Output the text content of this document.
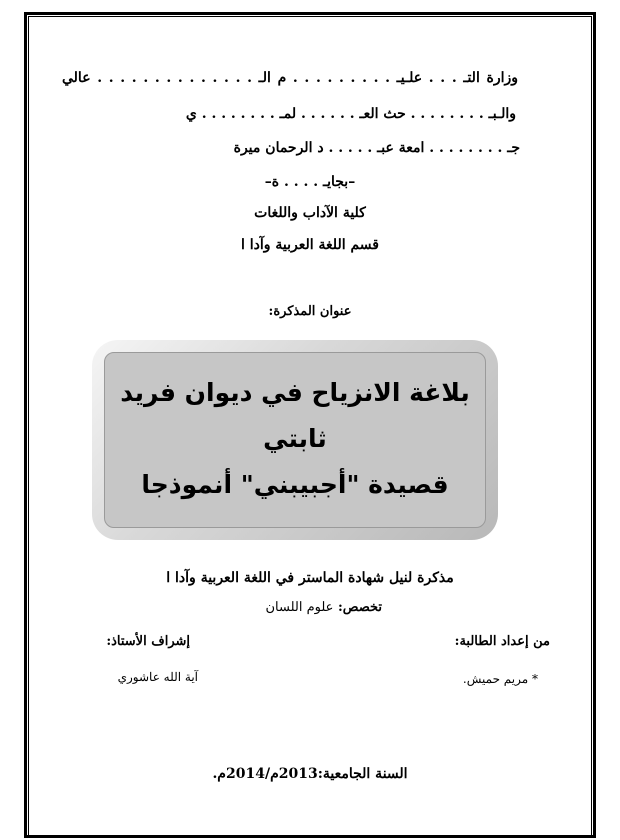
وزارة التـ . . . علـيـ . . . . . . . . . م الـ . . . . . . . . . . . . . . عالي
والـبـ . . . . . . . . حث العـ . . . . . . لمـ . . . . . . . . ي
جـ . . . . . . . . امعة عبـ . . . . . د الرحمان ميرة
–بجايـ . . . . ة–
كلية الآداب واللغات
قسم اللغة العربية وآدا ا
عنوان المذكرة:
بلاغة الانزياح في ديوان فريد ثابتي
قصيدة "أجبيبني" أنموذجا
مذكرة لنيل شهادة الماستر في اللغة العربية وآدا ا
تخصص: علوم اللسان
من إعداد الطالبة:
إشراف الأستاذ:
* مريم حميش.
آية الله عاشوري
السنة الجامعية:2013م/2014م.
